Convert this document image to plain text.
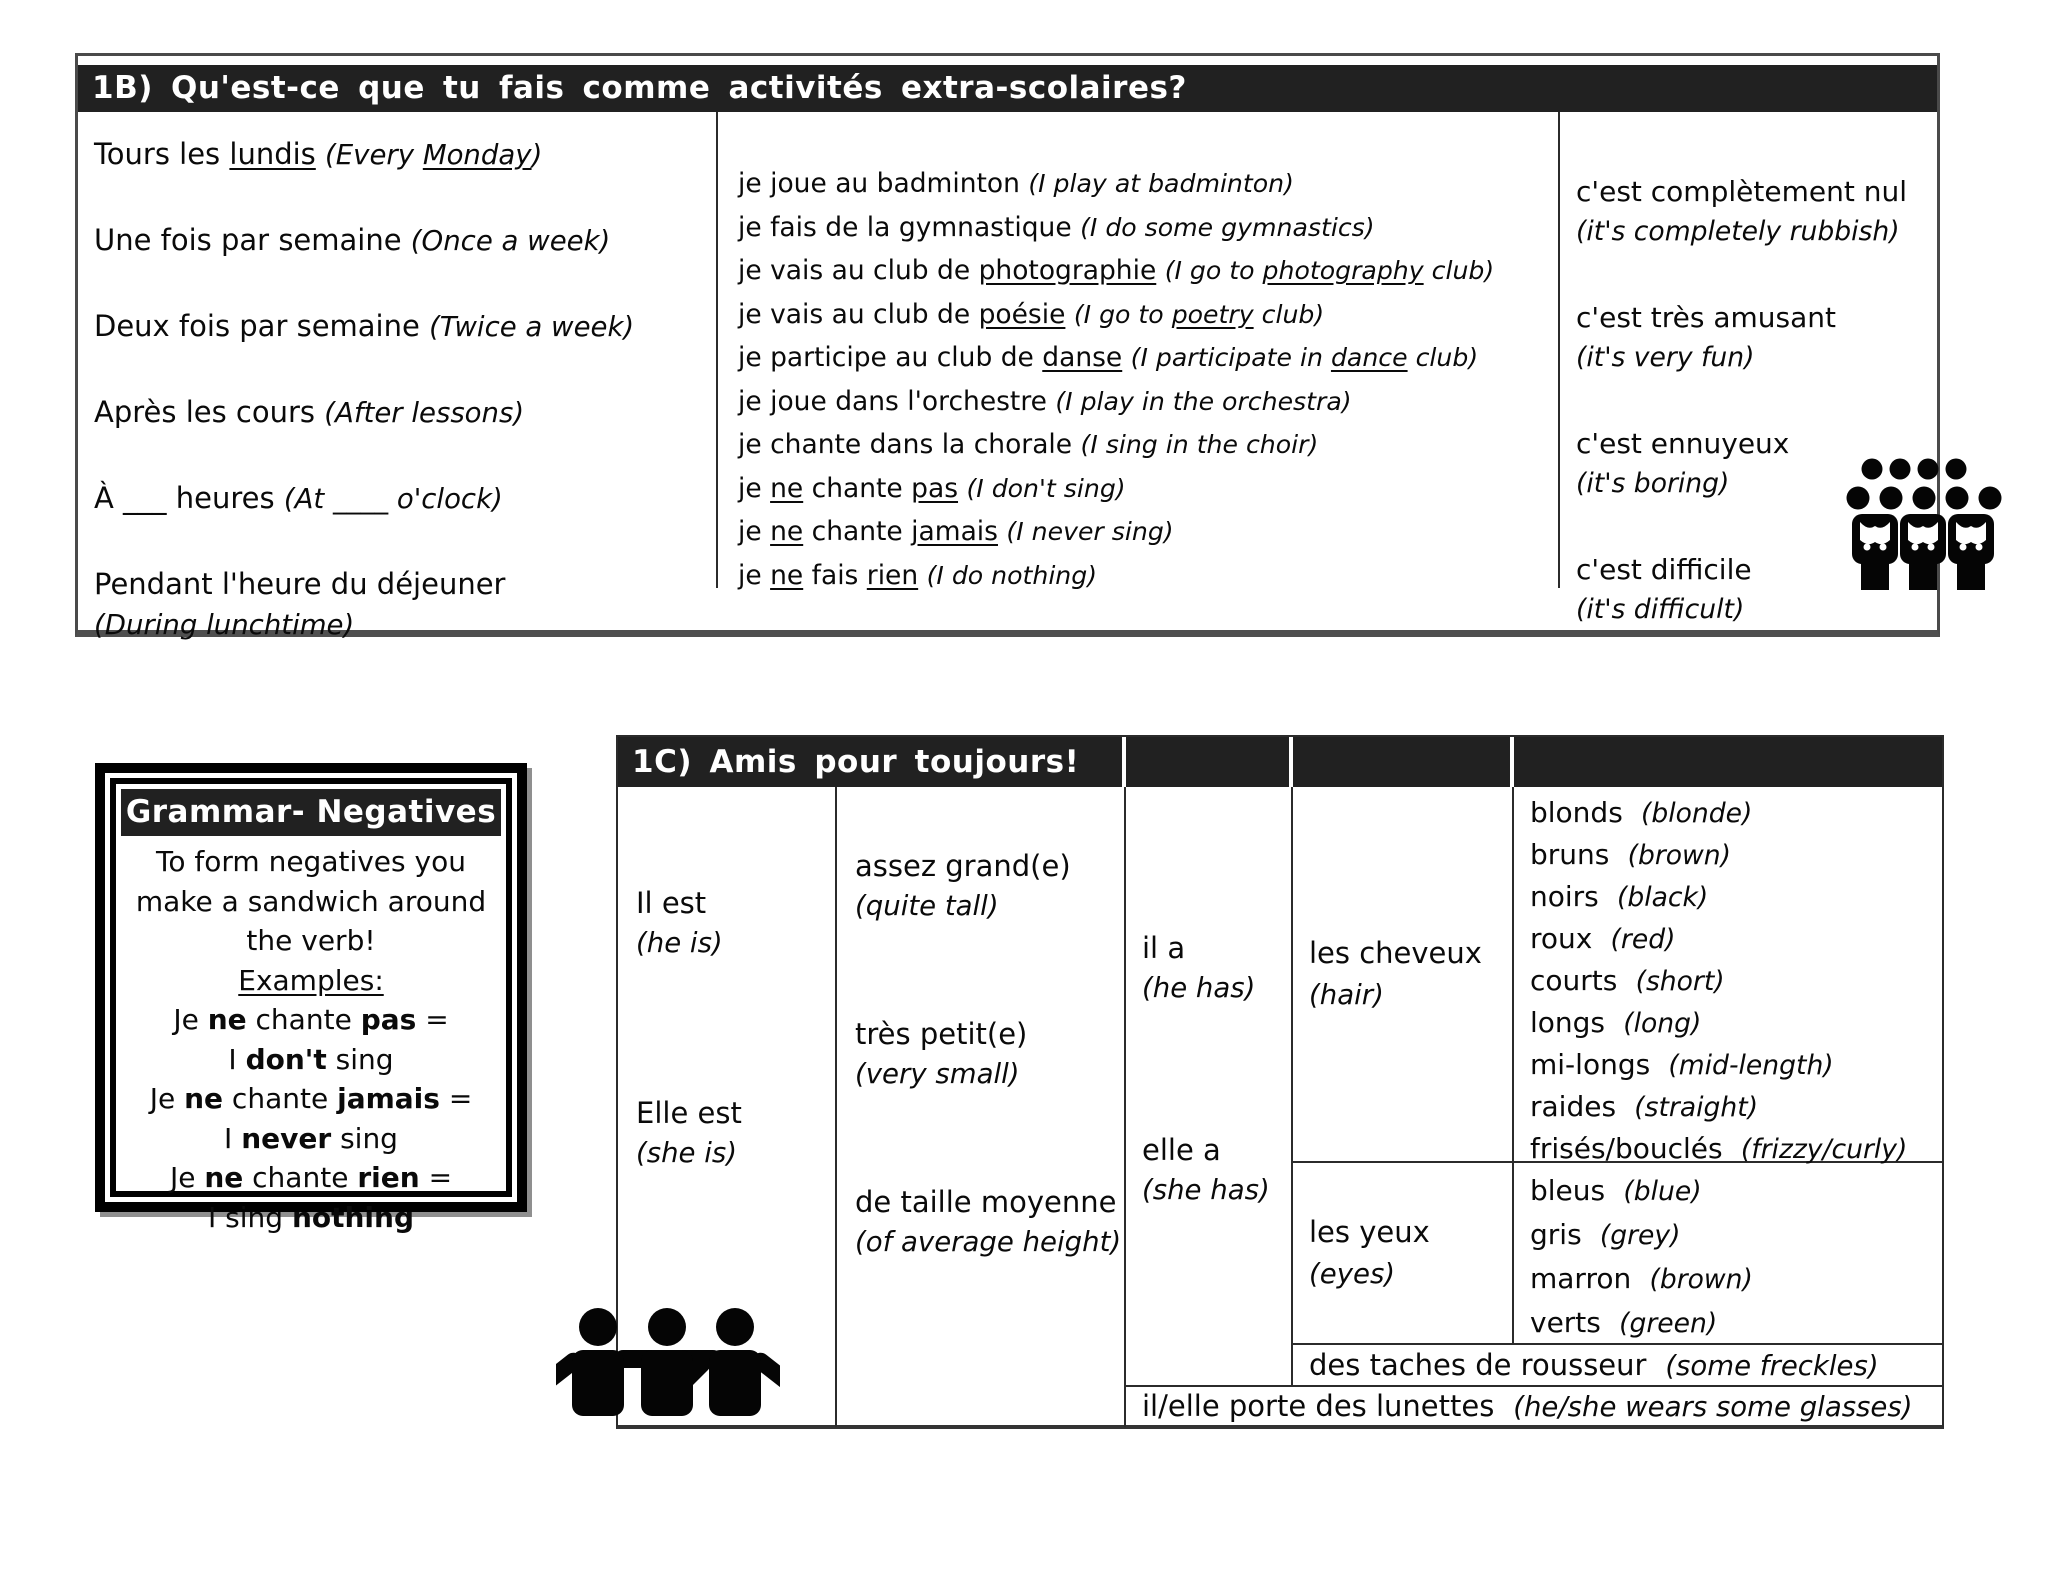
1B) Qu'est-ce que tu fais comme activités extra-scolaires?
Tours les lundis (Every Monday)
Une fois par semaine (Once a week)
Deux fois par semaine (Twice a week)
Après les cours (After lessons)
À ___ heures (At ____ o'clock)
Pendant l'heure du déjeuner
(During lunchtime)
je joue au badminton (I play at badminton)
je fais de la gymnastique (I do some gymnastics)
je vais au club de photographie (I go to photography club)
je vais au club de poésie (I go to poetry club)
je participe au club de danse (I participate in dance club)
je joue dans l'orchestre (I play in the orchestra)
je chante dans la chorale (I sing in the choir)
je ne chante pas (I don't sing)
je ne chante jamais (I never sing)
je ne fais rien (I do nothing)
c'est complètement nul
(it's completely rubbish)
c'est très amusant
(it's very fun)
c'est ennuyeux
(it's boring)
c'est difficile
(it's difficult)
Grammar- Negatives
To form negatives you make a sandwich around the verb!
Examples:
Je ne chante pas =
I don't sing
Je ne chante jamais =
I never sing
Je ne chante rien =
I sing nothing
1C) Amis pour toujours!
Il est
(he is)
Elle est
(she is)
assez grand(e)
(quite tall)
très petit(e)
(very small)
de taille moyenne
(of average height)
il a
(he has)
elle a
(she has)
les cheveux
(hair)
blonds (blonde)
bruns (brown)
noirs (black)
roux (red)
courts (short)
longs (long)
mi-longs (mid-length)
raides (straight)
frisés/bouclés (frizzy/curly)
les yeux
(eyes)
bleus (blue)
gris (grey)
marron (brown)
verts (green)
des taches de rousseur (some freckles)
il/elle porte des lunettes (he/she wears some glasses)
